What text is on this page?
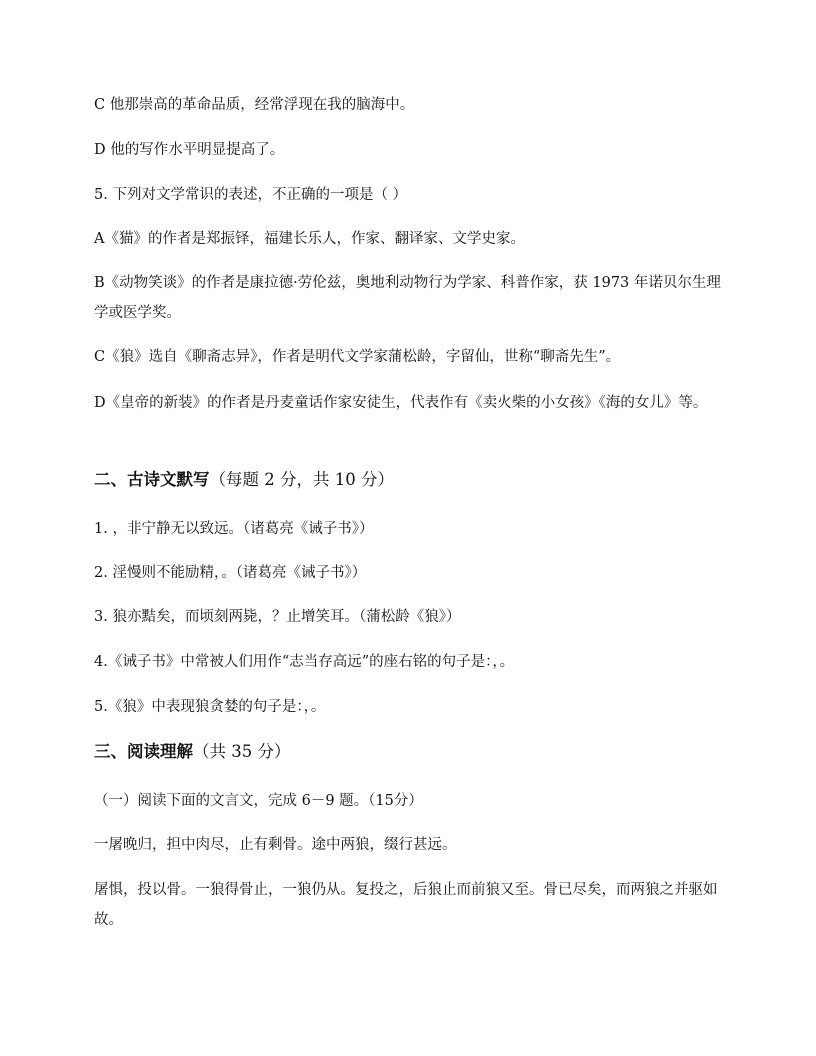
C 他那崇高的革命品质，经常浮现在我的脑海中。
D 他的写作水平明显提高了。
5. 下列对文学常识的表述，不正确的一项是（ ）
A《猫》的作者是郑振铎，福建长乐人，作家、翻译家、文学史家。
B《动物笑谈》的作者是康拉德·劳伦兹，奥地利动物行为学家、科普作家，获 1973 年诺贝尔生理学或医学奖。
C《狼》选自《聊斋志异》，作者是明代文学家蒲松龄，字留仙，世称“聊斋先生”。
D《皇帝的新装》的作者是丹麦童话作家安徒生，代表作有《卖火柴的小女孩》《海的女儿》等。
二、古诗文默写（每题 2 分，共 10 分）
1. ，非宁静无以致远。（诸葛亮《诫子书》）
2. 淫慢则不能励精，。（诸葛亮《诫子书》）
3. 狼亦黠矣，而顷刻两毙，？止增笑耳。（蒲松龄《狼》）
4.《诫子书》中常被人们用作“志当存高远”的座右铭的句子是：，。
5.《狼》中表现狼贪婪的句子是：，。
三、阅读理解（共 35 分）
（一）阅读下面的文言文，完成 6－9 题。（15分）
一屠晚归，担中肉尽，止有剩骨。途中两狼，缀行甚远。
屠惧，投以骨。一狼得骨止，一狼仍从。复投之，后狼止而前狼又至。骨已尽矣，而两狼之并驱如故。
